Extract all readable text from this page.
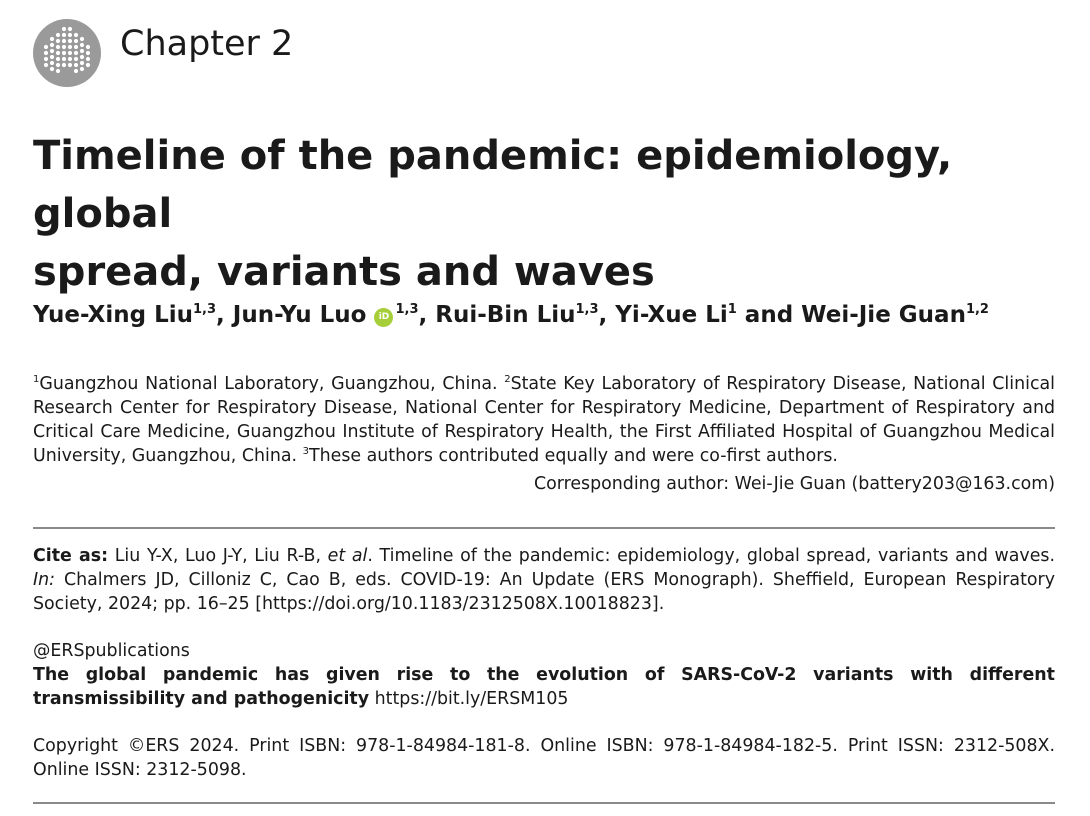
Chapter 2
Timeline of the pandemic: epidemiology, global
spread, variants and waves
Yue-Xing Liu$^{1,3}$, Jun-Yu Luo iD $^{1,3}$, Rui-Bin Liu$^{1,3}$, Yi-Xue Li$^1$ and Wei-Jie Guan$^{1,2}$
$^1$Guangzhou National Laboratory, Guangzhou, China. $^2$State Key Laboratory of Respiratory Disease, National Clinical Research Center for Respiratory Disease, National Center for Respiratory Medicine, Department of Respiratory and Critical Care Medicine, Guangzhou Institute of Respiratory Health, the First Affiliated Hospital of Guangzhou Medical University, Guangzhou, China. $^3$These authors contributed equally and were co-first authors.
Corresponding author: Wei-Jie Guan (battery203@163.com)
Cite as: Liu Y-X, Luo J-Y, Liu R-B, et al. Timeline of the pandemic: epidemiology, global spread, variants and waves. In: Chalmers JD, Cilloniz C, Cao B, eds. COVID-19: An Update (ERS Monograph). Sheffield, European Respiratory Society, 2024; pp. 16–25 [https://doi.org/10.1183/2312508X.10018823].
@ERSpublications
The global pandemic has given rise to the evolution of SARS-CoV-2 variants with different transmissibility and pathogenicity https://bit.ly/ERSM105
Copyright ©ERS 2024. Print ISBN: 978-1-84984-181-8. Online ISBN: 978-1-84984-182-5. Print ISSN: 2312-508X. Online ISSN: 2312-5098.
